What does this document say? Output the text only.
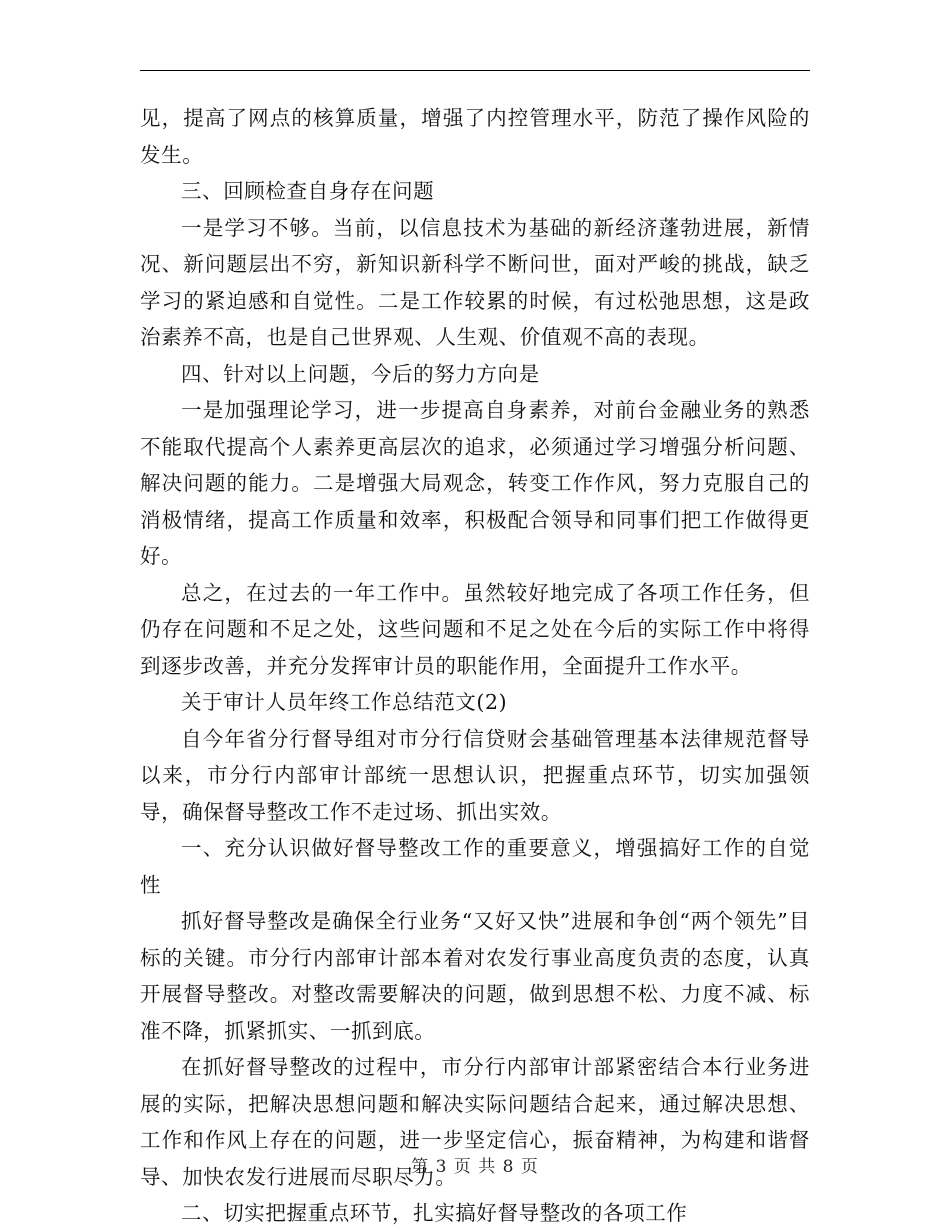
见，提高了网点的核算质量，增强了内控管理水平，防范了操作风险的发生。

三、回顾检查自身存在问题

一是学习不够。当前，以信息技术为基础的新经济蓬勃进展，新情况、新问题层出不穷，新知识新科学不断问世，面对严峻的挑战，缺乏学习的紧迫感和自觉性。二是工作较累的时候，有过松弛思想，这是政治素养不高，也是自己世界观、人生观、价值观不高的表现。

四、针对以上问题，今后的努力方向是

一是加强理论学习，进一步提高自身素养，对前台金融业务的熟悉不能取代提高个人素养更高层次的追求，必须通过学习增强分析问题、解决问题的能力。二是增强大局观念，转变工作作风，努力克服自己的消极情绪，提高工作质量和效率，积极配合领导和同事们把工作做得更好。

总之，在过去的一年工作中。虽然较好地完成了各项工作任务，但仍存在问题和不足之处，这些问题和不足之处在今后的实际工作中将得到逐步改善，并充分发挥审计员的职能作用，全面提升工作水平。

关于审计人员年终工作总结范文(2)

自今年省分行督导组对市分行信贷财会基础管理基本法律规范督导以来，市分行内部审计部统一思想认识，把握重点环节，切实加强领导，确保督导整改工作不走过场、抓出实效。

一、充分认识做好督导整改工作的重要意义，增强搞好工作的自觉性

抓好督导整改是确保全行业务“又好又快”进展和争创“两个领先”目标的关键。市分行内部审计部本着对农发行事业高度负责的态度，认真开展督导整改。对整改需要解决的问题，做到思想不松、力度不减、标准不降，抓紧抓实、一抓到底。

在抓好督导整改的过程中，市分行内部审计部紧密结合本行业务进展的实际，把解决思想问题和解决实际问题结合起来，通过解决思想、工作和作风上存在的问题，进一步坚定信心，振奋精神，为构建和谐督导、加快农发行进展而尽职尽力。

二、切实把握重点环节，扎实搞好督导整改的各项工作

第 3 页 共 8 页
